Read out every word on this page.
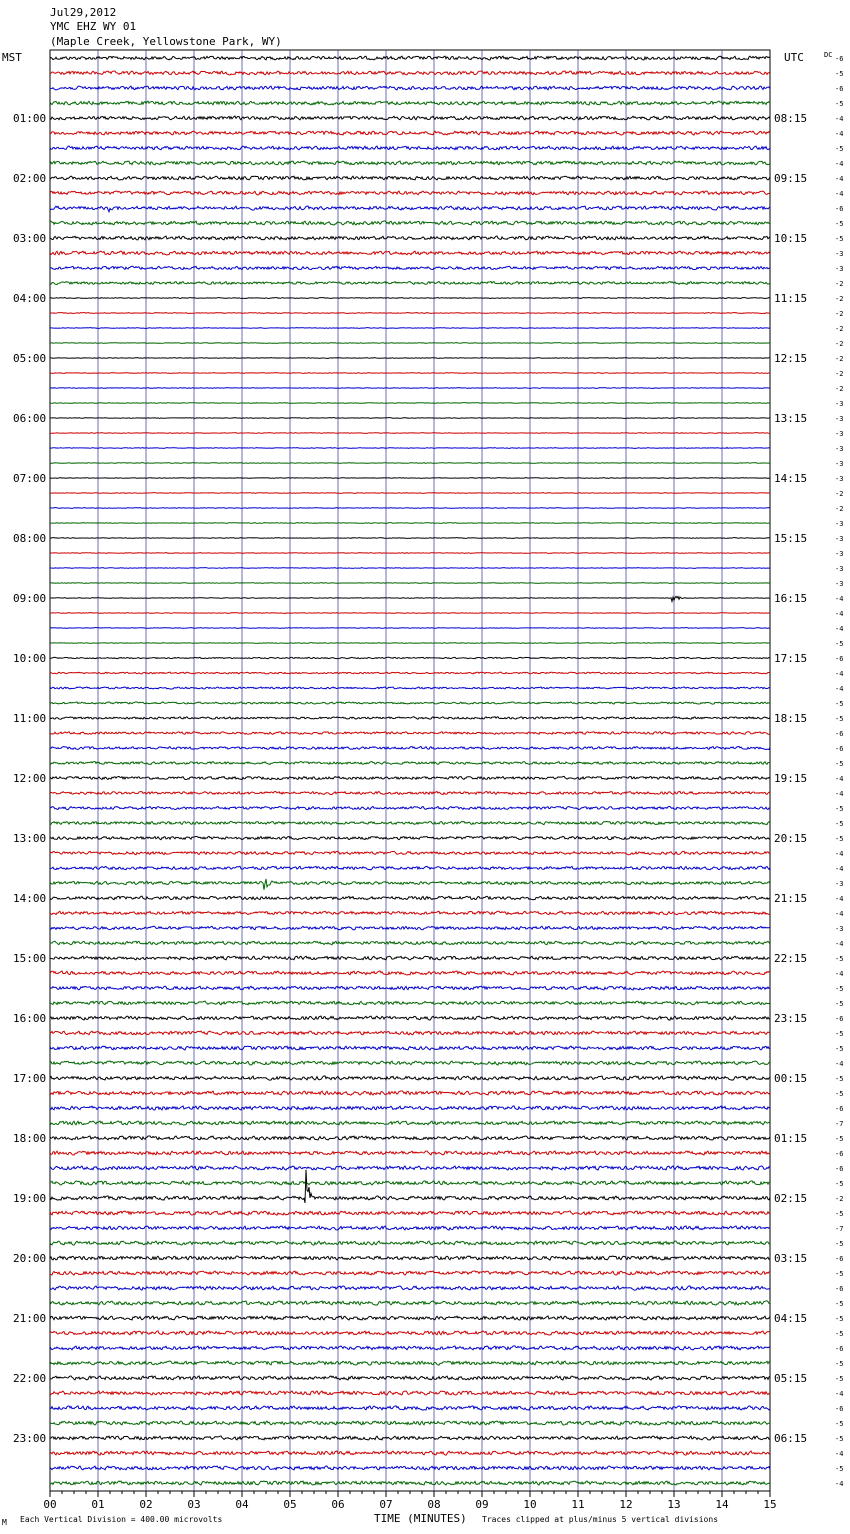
Jul29,2012
YMC EHZ WY 01
(Maple Creek, Yellowstone Park, WY)
MST	UTC	DC
01:00
02:00
03:00
04:00
05:00
06:00
07:00
08:00
09:00
10:00
11:00
12:00
13:00
14:00
15:00
16:00
17:00
18:00
19:00
20:00
21:00
22:00
23:00
08:15
09:15
10:15
11:15
12:15
13:15
14:15
15:15
16:15
17:15
18:15
19:15
20:15
21:15
22:15
23:15
00:15
01:15
02:15
03:15
04:15
05:15
06:15
-6
-5
-6
-5
-4
-4
-5
-4
-4
-4
-6
-5
-5
-3
-3
-2
-2
-2
-2
-2
-2
-2
-2
-3
-3
-3
-3
-3
-3
-2
-2
-3
-3
-3
-3
-3
-4
-4
-4
-5
-6
-4
-4
-5
-5
-6
-6
-5
-4
-4
-5
-5
-5
-4
-4
-3
-4
-4
-3
-4
-5
-4
-5
-5
-6
-5
-5
-4
-5
-5
-6
-7
-5
-6
-6
-5
-2
-5
-7
-5
-6
-5
-6
-5
-5
-5
-6
-5
-5
-4
-6
-5
-5
-4
-5
-4
00	01	02	03	04	05	06	07	08	09	10	11	12	13	14	15
TIME (MINUTES)
M Each Vertical Division = 400.00 microvolts	Traces clipped at plus/minus 5 vertical divisions
